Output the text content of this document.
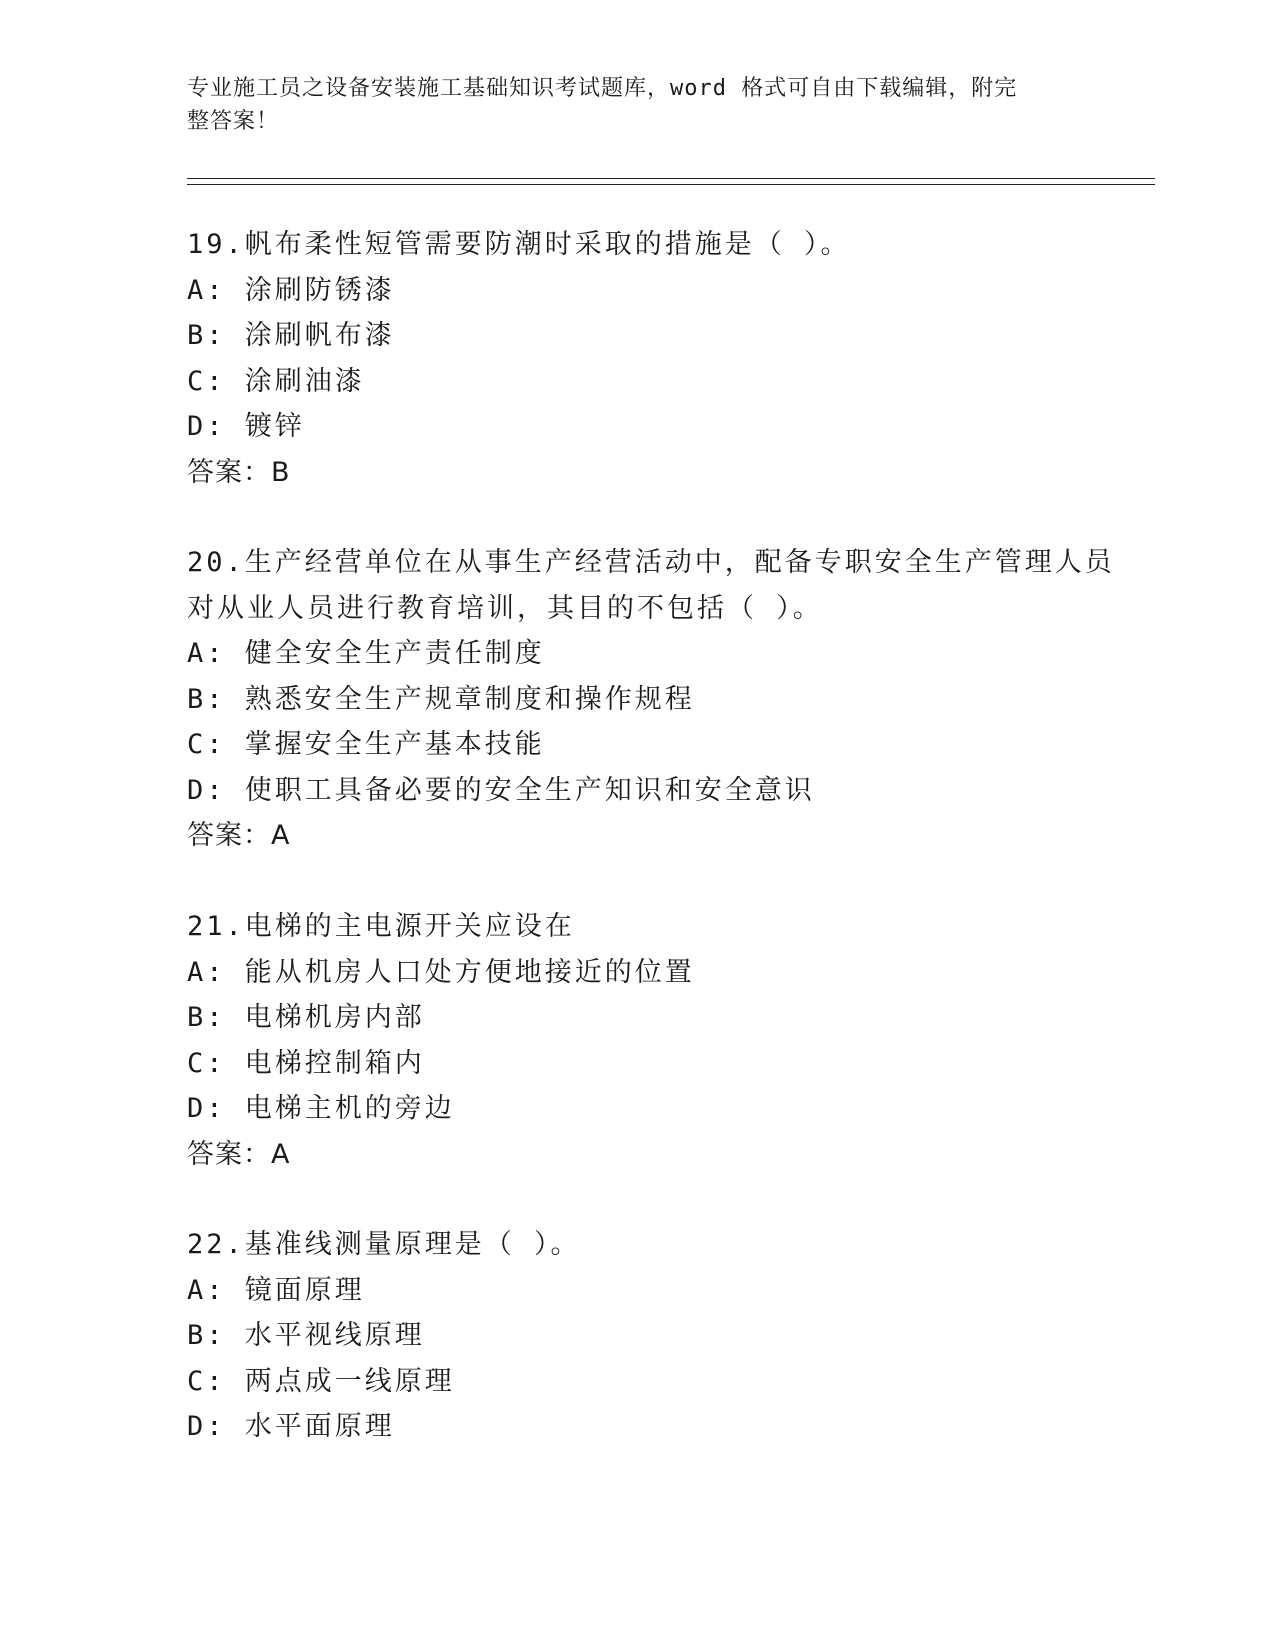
专业施工员之设备安装施工基础知识考试题库，word 格式可自由下载编辑，附完
整答案！

19.帆布柔性短管需要防潮时采取的措施是（ ）。

A: 涂刷防锈漆

B: 涂刷帆布漆

C: 涂刷油漆

D: 镀锌

答案：B

20.生产经营单位在从事生产经营活动中，配备专职安全生产管理人员

对从业人员进行教育培训，其目的不包括（ ）。

A: 健全安全生产责任制度

B: 熟悉安全生产规章制度和操作规程

C: 掌握安全生产基本技能

D: 使职工具备必要的安全生产知识和安全意识

答案：A

21.电梯的主电源开关应设在

A: 能从机房人口处方便地接近的位置

B: 电梯机房内部

C: 电梯控制箱内

D: 电梯主机的旁边

答案：A

22.基准线测量原理是（ ）。

A: 镜面原理

B: 水平视线原理

C: 两点成一线原理

D: 水平面原理
